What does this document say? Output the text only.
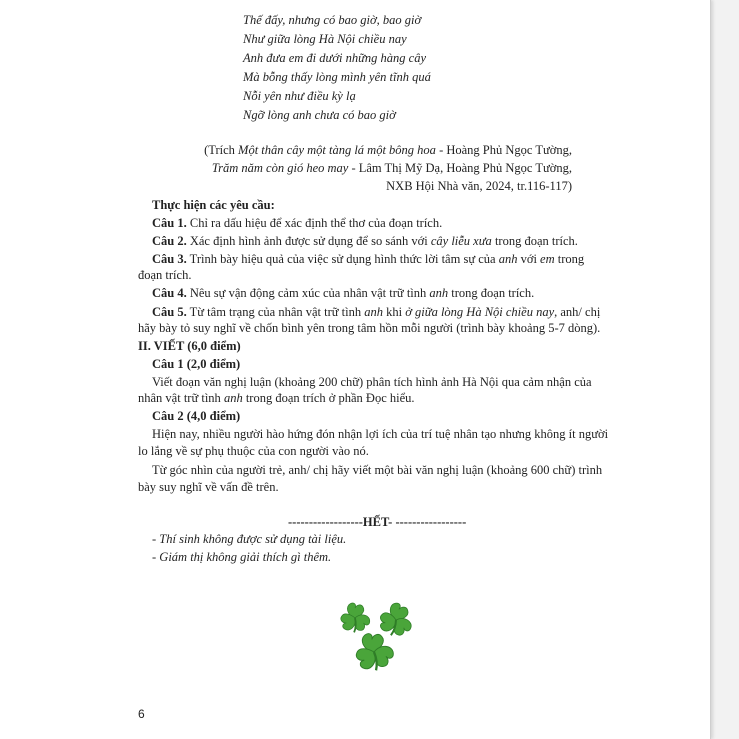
Thế đấy, nhưng có bao giờ, bao giờ

Như giữa lòng Hà Nội chiều nay

Anh đưa em đi dưới những hàng cây

Mà bỗng thấy lòng mình yên tĩnh quá

Nỗi yên như điều kỳ lạ

Ngỡ lòng anh chưa có bao giờ

(Trích Một thân cây một tàng lá một bông hoa - Hoàng Phủ Ngọc Tường,

Trăm năm còn gió heo may - Lâm Thị Mỹ Dạ, Hoàng Phủ Ngọc Tường,

NXB Hội Nhà văn, 2024, tr.116-117)

Thực hiện các yêu cầu:

Câu 1. Chỉ ra dấu hiệu để xác định thể thơ của đoạn trích.

Câu 2. Xác định hình ảnh được sử dụng để so sánh với cây liễu xưa trong đoạn trích.

Câu 3. Trình bày hiệu quả của việc sử dụng hình thức lời tâm sự của anh với em trong

đoạn trích.

Câu 4. Nêu sự vận động cảm xúc của nhân vật trữ tình anh trong đoạn trích.

Câu 5. Từ tâm trạng của nhân vật trữ tình anh khi ở giữa lòng Hà Nội chiều nay, anh/ chị

hãy bày tỏ suy nghĩ về chốn bình yên trong tâm hồn mỗi người (trình bày khoảng 5-7 dòng).

II. VIẾT (6,0 điểm)

Câu 1 (2,0 điểm)

Viết đoạn văn nghị luận (khoảng 200 chữ) phân tích hình ảnh Hà Nội qua cảm nhận của

nhân vật trữ tình anh trong đoạn trích ở phần Đọc hiểu.

Câu 2 (4,0 điểm)

Hiện nay, nhiều người hào hứng đón nhận lợi ích của trí tuệ nhân tạo nhưng không ít người

lo lắng về sự phụ thuộc của con người vào nó.

Từ góc nhìn của người trẻ, anh/ chị hãy viết một bài văn nghị luận (khoảng 600 chữ) trình

bày suy nghĩ về vấn đề trên.

------------------HẾT- -----------------

- Thí sinh không được sử dụng tài liệu.

- Giám thị không giải thích gì thêm.

6
